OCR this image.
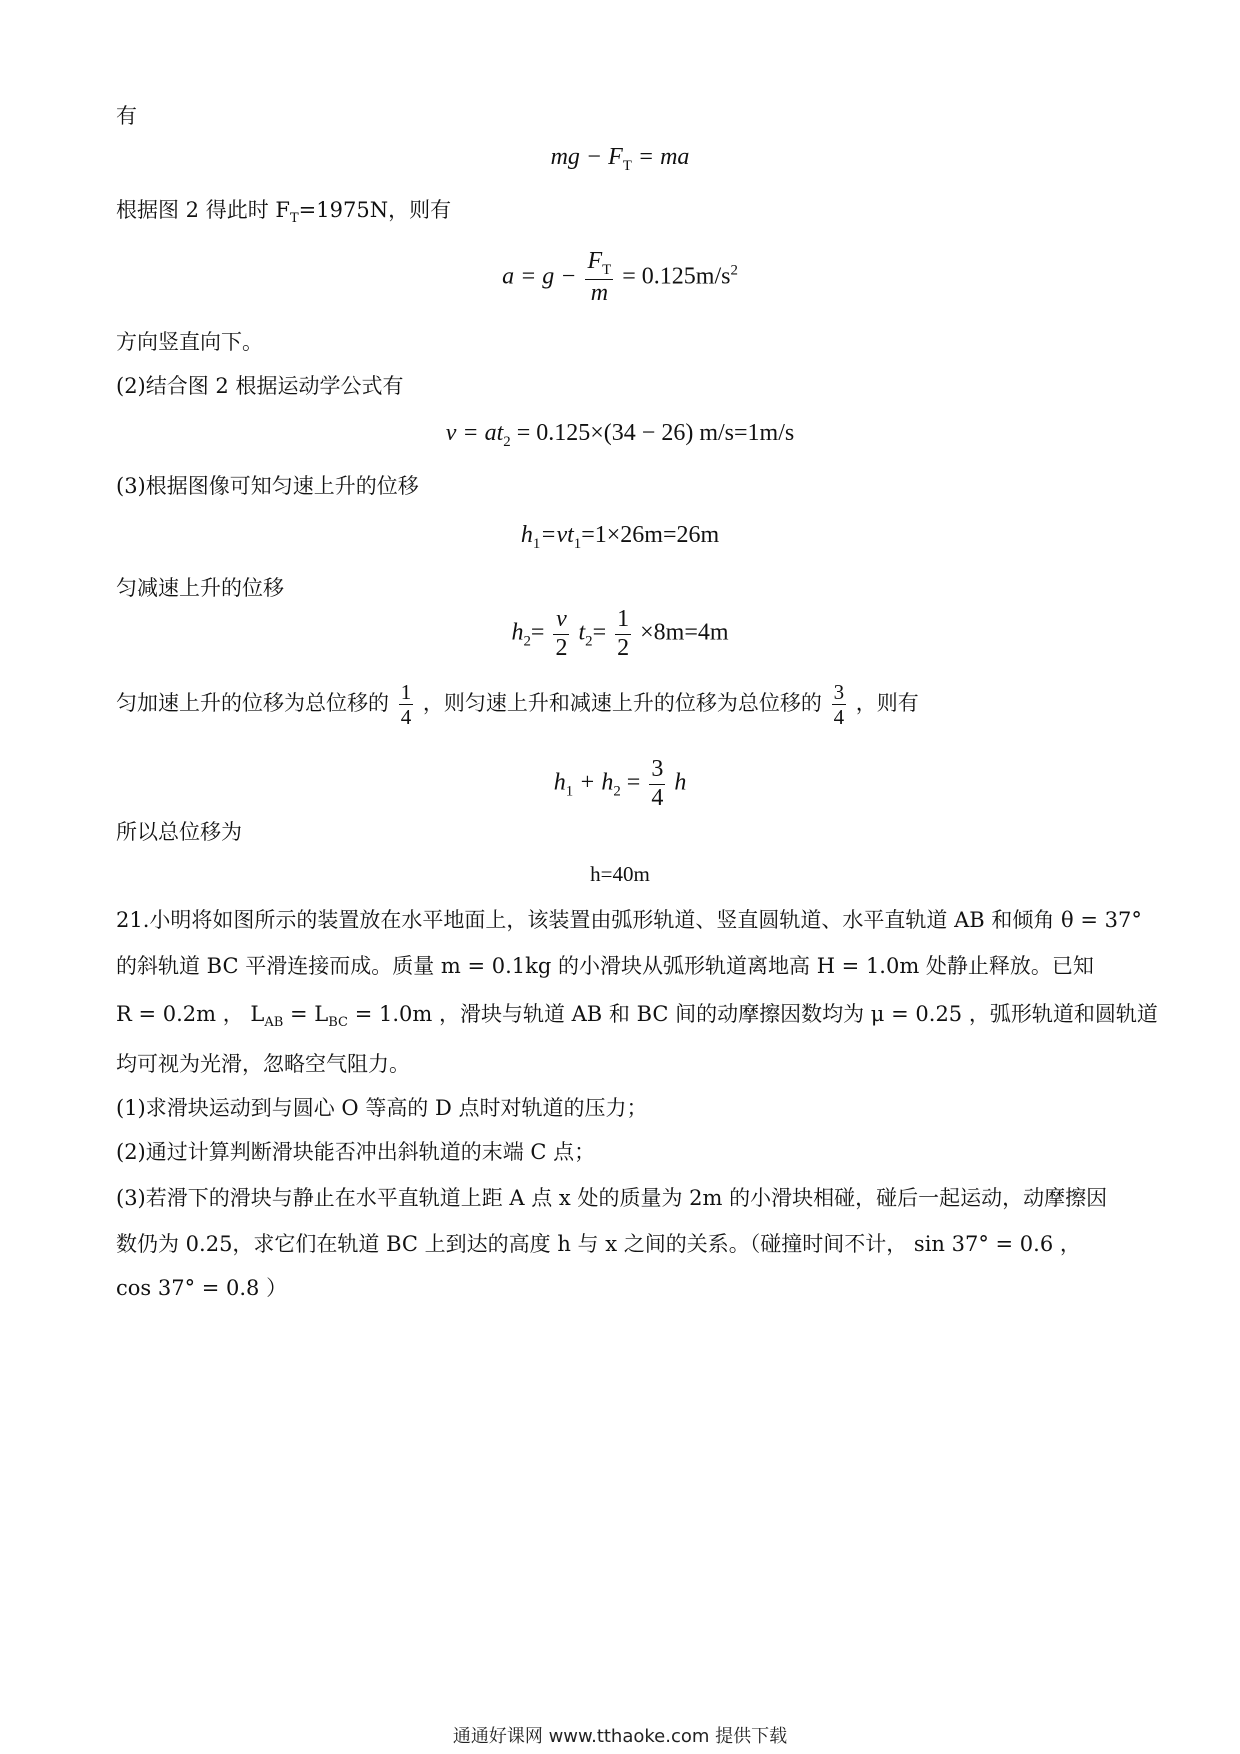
有
mg − $F_T$ = ma
根据图 2 得此时 $F_T=1975N$，则有
$a = g - \frac{F_T}{m} = 0.125m/s^2$
方向竖直向下。
(2)结合图 2 根据运动学公式有
$v = at_2 = 0.125\times(34 - 26)$ m/s=1m/s
(3)根据图像可知匀速上升的位移
$h_1=vt_1=1\times 26m=26m$
匀减速上升的位移
$h_2= \frac{v}{2} t_2= \frac{1}{2} \times 8m=4m$
匀加速上升的位移为总位移的 $\frac{1}{4}$ ，则匀速上升和减速上升的位移为总位移的 $\frac{3}{4}$ ，则有
$h_1 + h_2 = \frac{3}{4}$ h
所以总位移为
h=40m
21.小明将如图所示的装置放在水平地面上，该装置由弧形轨道、竖直圆轨道、水平直轨道 AB 和倾角 θ = 37°
的斜轨道 BC 平滑连接而成。质量 m = 0.1kg 的小滑块从弧形轨道离地高 H = 1.0m 处静止释放。已知
R = 0.2m ， $L_{AB} = L_{BC} = 1.0m$ ，滑块与轨道 AB 和 BC 间的动摩擦因数均为 μ = 0.25 ，弧形轨道和圆轨道
均可视为光滑，忽略空气阻力。
(1)求滑块运动到与圆心 O 等高的 D 点时对轨道的压力；
(2)通过计算判断滑块能否冲出斜轨道的末端 C 点；
(3)若滑下的滑块与静止在水平直轨道上距 A 点 x 处的质量为 2m 的小滑块相碰，碰后一起运动，动摩擦因
数仍为 0.25，求它们在轨道 BC 上到达的高度 h 与 x 之间的关系。（碰撞时间不计， sin 37° = 0.6 ，
cos 37° = 0.8 ）
通通好课网 www.tthaoke.com 提供下载
